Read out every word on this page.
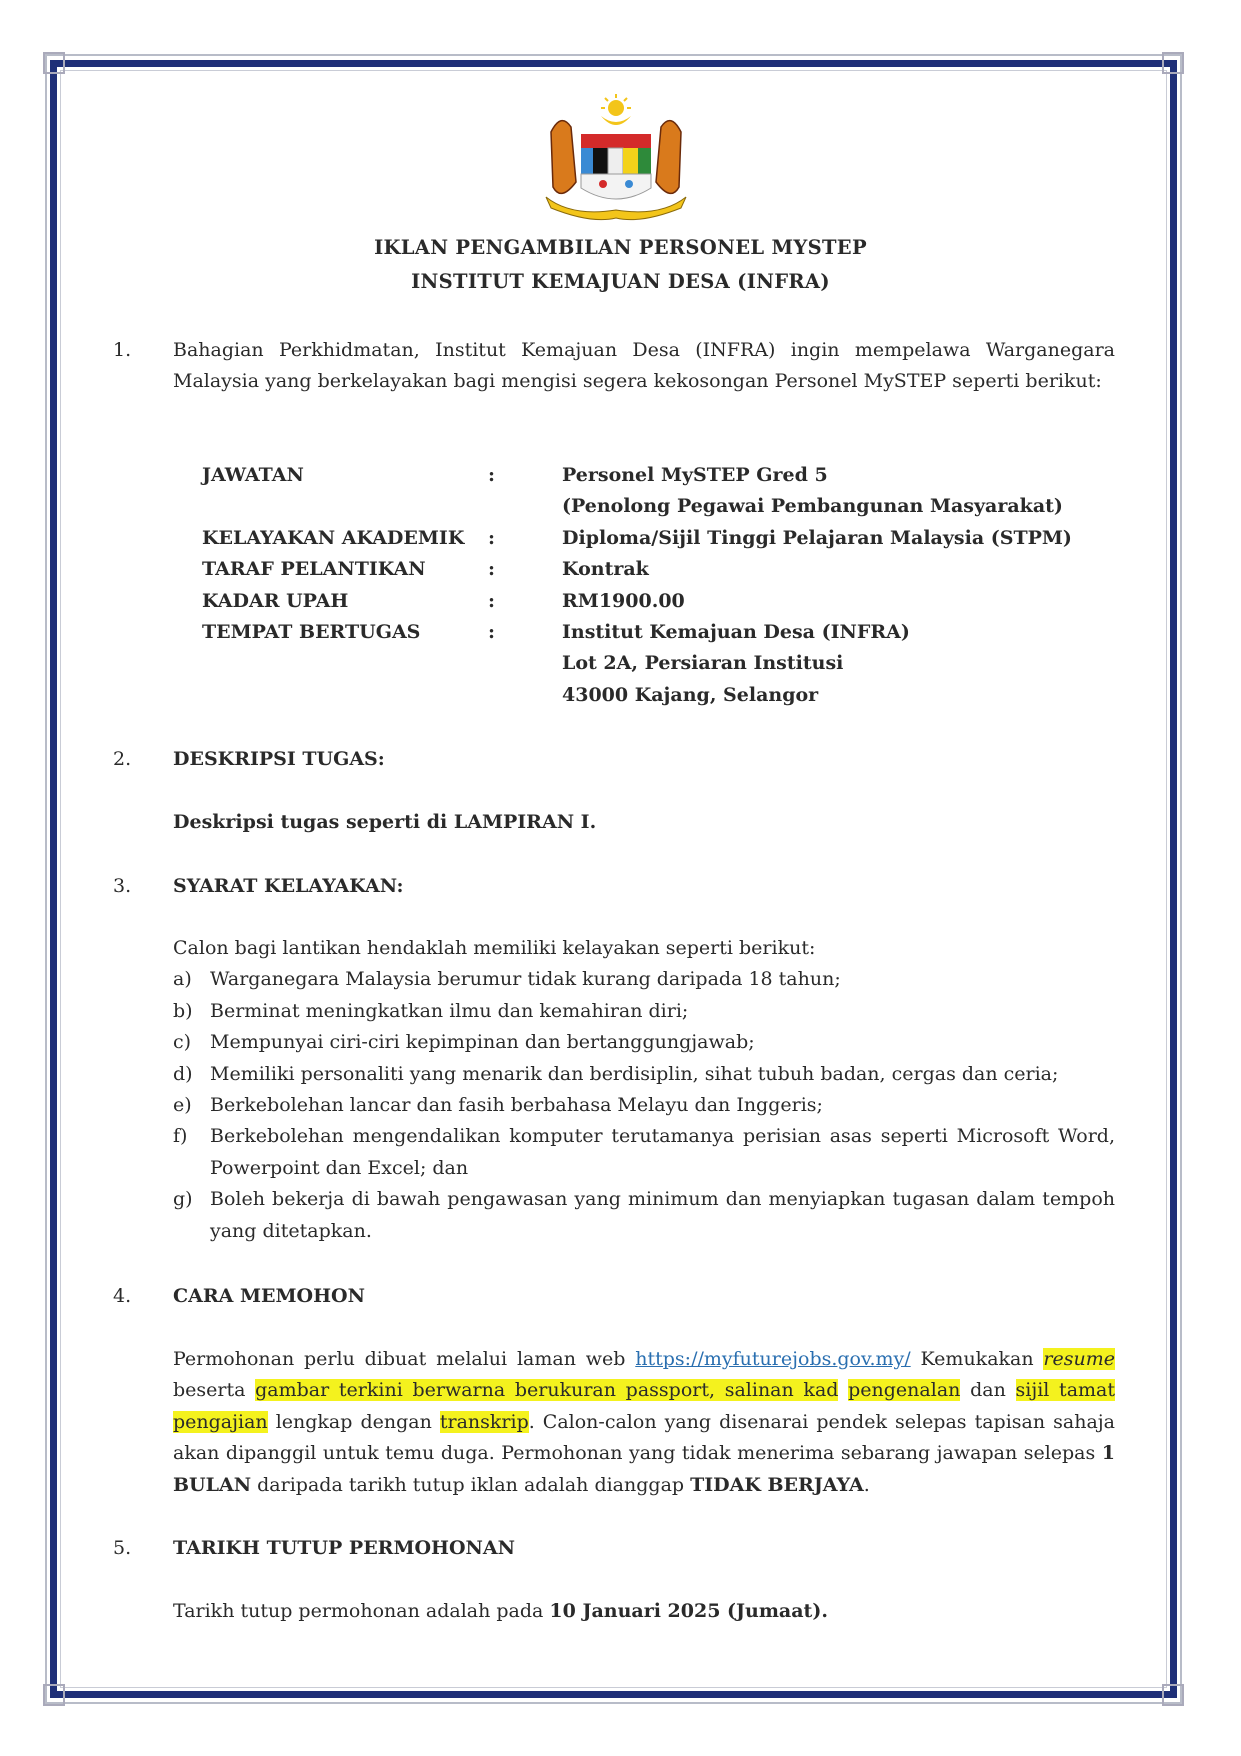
IKLAN PENGAMBILAN PERSONEL MYSTEP
INSTITUT KEMAJUAN DESA (INFRA)
1. Bahagian Perkhidmatan, Institut Kemajuan Desa (INFRA) ingin mempelawa Warganegara Malaysia yang berkelayakan bagi mengisi segera kekosongan Personel MySTEP seperti berikut:
JAWATAN	:	Personel MySTEP Gred 5
(Penolong Pegawai Pembangunan Masyarakat)
KELAYAKAN AKADEMIK :	Diploma/Sijil Tinggi Pelajaran Malaysia (STPM)
TARAF PELANTIKAN	:	Kontrak
KADAR UPAH	:	RM1900.00
TEMPAT BERTUGAS	:	Institut Kemajuan Desa (INFRA)
Lot 2A, Persiaran Institusi
43000 Kajang, Selangor
2. DESKRIPSI TUGAS:
Deskripsi tugas seperti di LAMPIRAN I.
3. SYARAT KELAYAKAN:
Calon bagi lantikan hendaklah memiliki kelayakan seperti berikut:
a) Warganegara Malaysia berumur tidak kurang daripada 18 tahun;
b) Berminat meningkatkan ilmu dan kemahiran diri;
c) Mempunyai ciri-ciri kepimpinan dan bertanggungjawab;
d) Memiliki personaliti yang menarik dan berdisiplin, sihat tubuh badan, cergas dan ceria;
e) Berkebolehan lancar dan fasih berbahasa Melayu dan Inggeris;
f) Berkebolehan mengendalikan komputer terutamanya perisian asas seperti Microsoft Word, Powerpoint dan Excel; dan
g) Boleh bekerja di bawah pengawasan yang minimum dan menyiapkan tugasan dalam tempoh yang ditetapkan.
4. CARA MEMOHON
Permohonan perlu dibuat melalui laman web https://myfuturejobs.gov.my/ Kemukakan resume beserta gambar terkini berwarna berukuran passport, salinan kad pengenalan dan sijil tamat pengajian lengkap dengan transkrip. Calon-calon yang disenarai pendek selepas tapisan sahaja akan dipanggil untuk temu duga. Permohonan yang tidak menerima sebarang jawapan selepas 1 BULAN daripada tarikh tutup iklan adalah dianggap TIDAK BERJAYA.
5. TARIKH TUTUP PERMOHONAN
Tarikh tutup permohonan adalah pada 10 Januari 2025 (Jumaat).
